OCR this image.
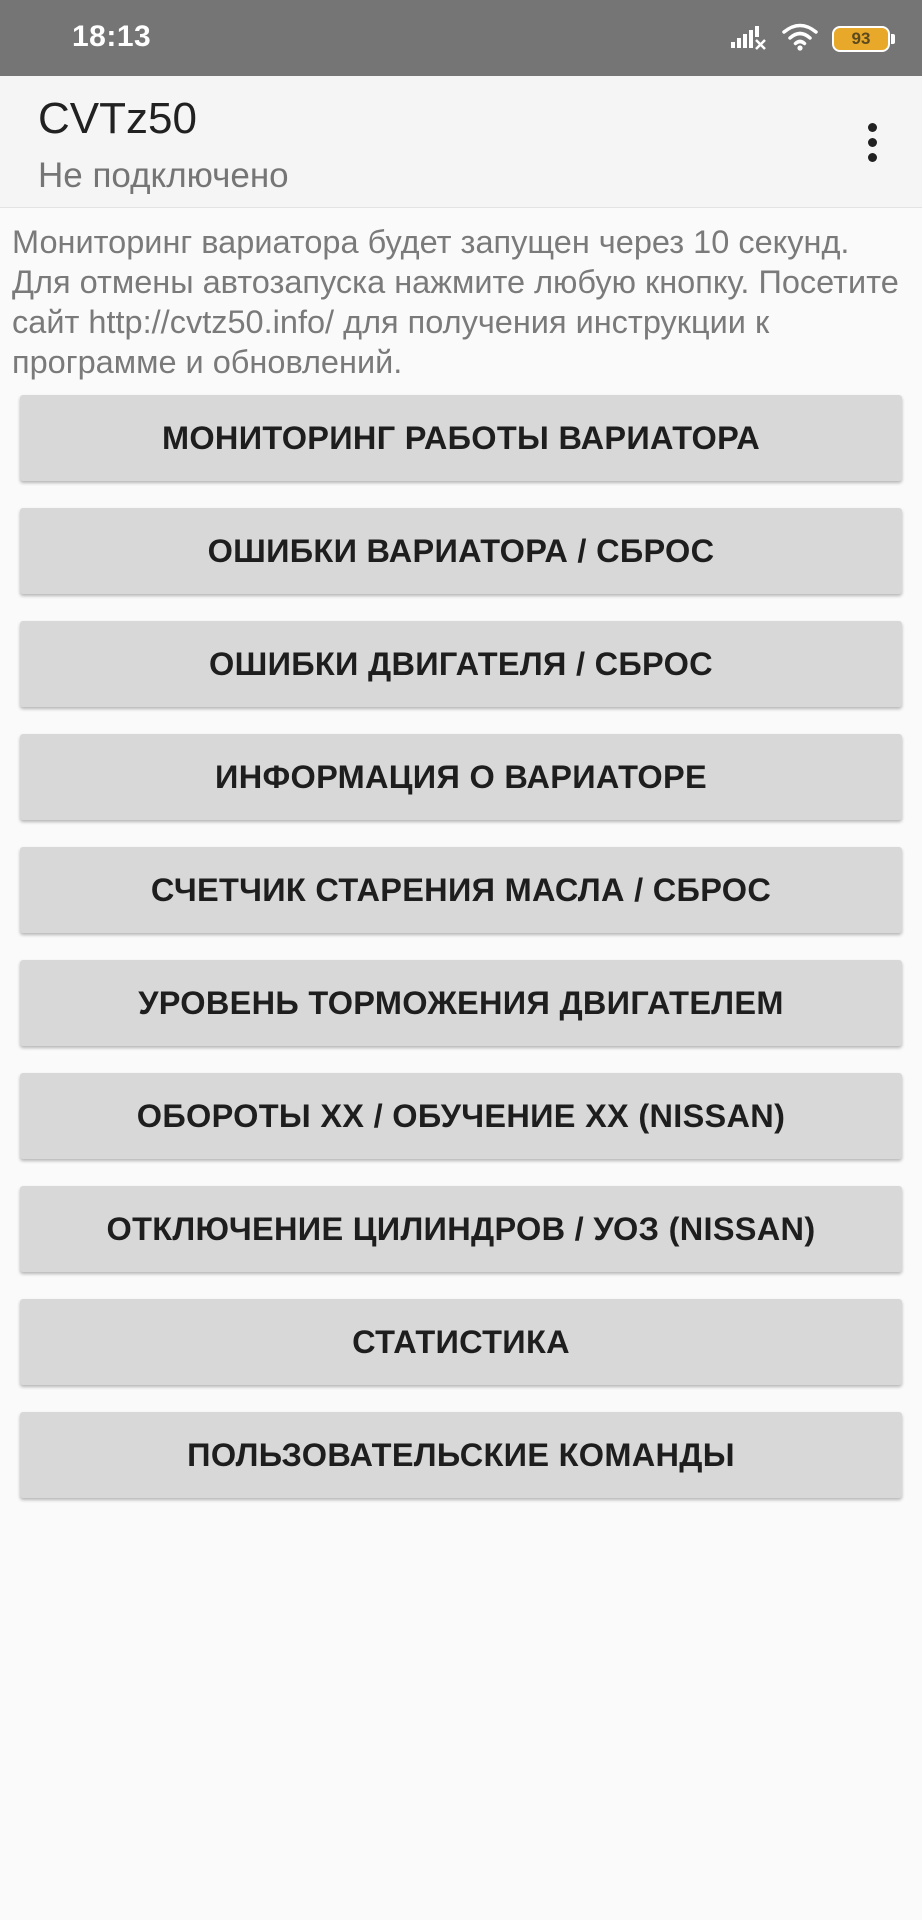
18:13	93
CVTz50
Не подключено
Мониторинг вариатора будет запущен через 10 секунд. Для отмены автозапуска нажмите любую кнопку. Посетите сайт http://cvtz50.info/ для получения инструкции к программе и обновлений.
МОНИТОРИНГ РАБОТЫ ВАРИАТОРА
ОШИБКИ ВАРИАТОРА / СБРОС
ОШИБКИ ДВИГАТЕЛЯ / СБРОС
ИНФОРМАЦИЯ О ВАРИАТОРЕ
СЧЕТЧИК СТАРЕНИЯ МАСЛА / СБРОС
УРОВЕНЬ ТОРМОЖЕНИЯ ДВИГАТЕЛЕМ
ОБОРОТЫ ХХ / ОБУЧЕНИЕ ХХ (NISSAN)
ОТКЛЮЧЕНИЕ ЦИЛИНДРОВ / УОЗ (NISSAN)
СТАТИСТИКА
ПОЛЬЗОВАТЕЛЬСКИЕ КОМАНДЫ
